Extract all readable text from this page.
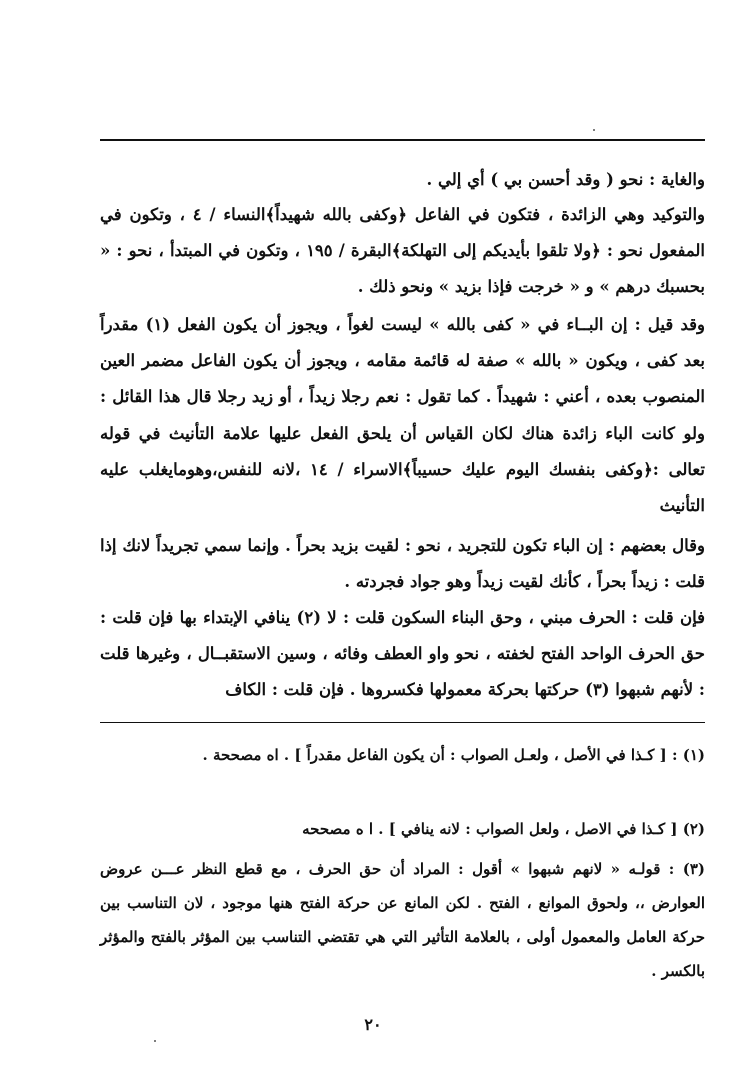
والغاية : نحو ( وقد أحسن بي ) أي إلي .

والتوكيد وهي الزائدة ، فتكون في الفاعل ﴿وكفى بالله شهيداً﴾النساء / ٤ ، وتكون في المفعول نحو : ﴿ولا تلقوا بأيديكم إلى التهلكة﴾البقرة / ١٩٥ ، وتكون في المبتدأ ، نحو : « بحسبك درهم » و « خرجت فإذا بزيد » ونحو ذلك .

وقد قيل : إن البــاء في « كفى بالله » ليست لغواً ، ويجوز أن يكون الفعل (١) مقدراً بعد كفى ، ويكون « بالله » صفة له قائمة مقامه ، ويجوز أن يكون الفاعل مضمر العين المنصوب بعده ، أعني : شهيداً . كما تقول : نعم رجلا زيداً ، أو زيد رجلا قال هذا القائل : ولو كانت الباء زائدة هناك لكان القياس أن يلحق الفعل عليها علامة التأنيث في قوله تعالى :﴿وكفى بنفسك اليوم عليك حسيباً﴾الاسراء / ١٤ ،لانه للنفس،وهومايغلب عليه التأنيث

وقال بعضهم : إن الباء تكون للتجريد ، نحو : لقيت بزيد بحراً . وإنما سمي تجريداً لانك إذا قلت : زيداً بحراً ، كأنك لقيت زيداً وهو جواد فجردته .

فإن قلت : الحرف مبني ، وحق البناء السكون قلت : لا (٢) ينافي الإبتداء بها فإن قلت : حق الحرف الواحد الفتح لخفته ، نحو واو العطف وفائه ، وسين الاستقبــال ، وغيرها قلت : لأنهم شبهوا (٣) حركتها بحركة معمولها فكسروها . فإن قلت : الكاف

(١) : [ كـذا في الأصل ، ولعـل الصواب : أن يكون الفاعل مقدراً ] . اه مصححة .

(٢) [ كـذا في الاصل ، ولعل الصواب : لانه ينافي ] . ا ه مصححه

(٣) : قولـه « لانهم شبهوا » أقول : المراد أن حق الحرف ، مع قطع النظر عـــن عروض العوارض ،، ولحوق الموانع ، الفتح . لكن المانع عن حركة الفتح هنها موجود ، لان التناسب بين حركة العامل والمعمول أولى ، بالعلامة التأثير التي هي تقتضي التناسب بين المؤثر بالفتح والمؤثر بالكسر .

٢٠
